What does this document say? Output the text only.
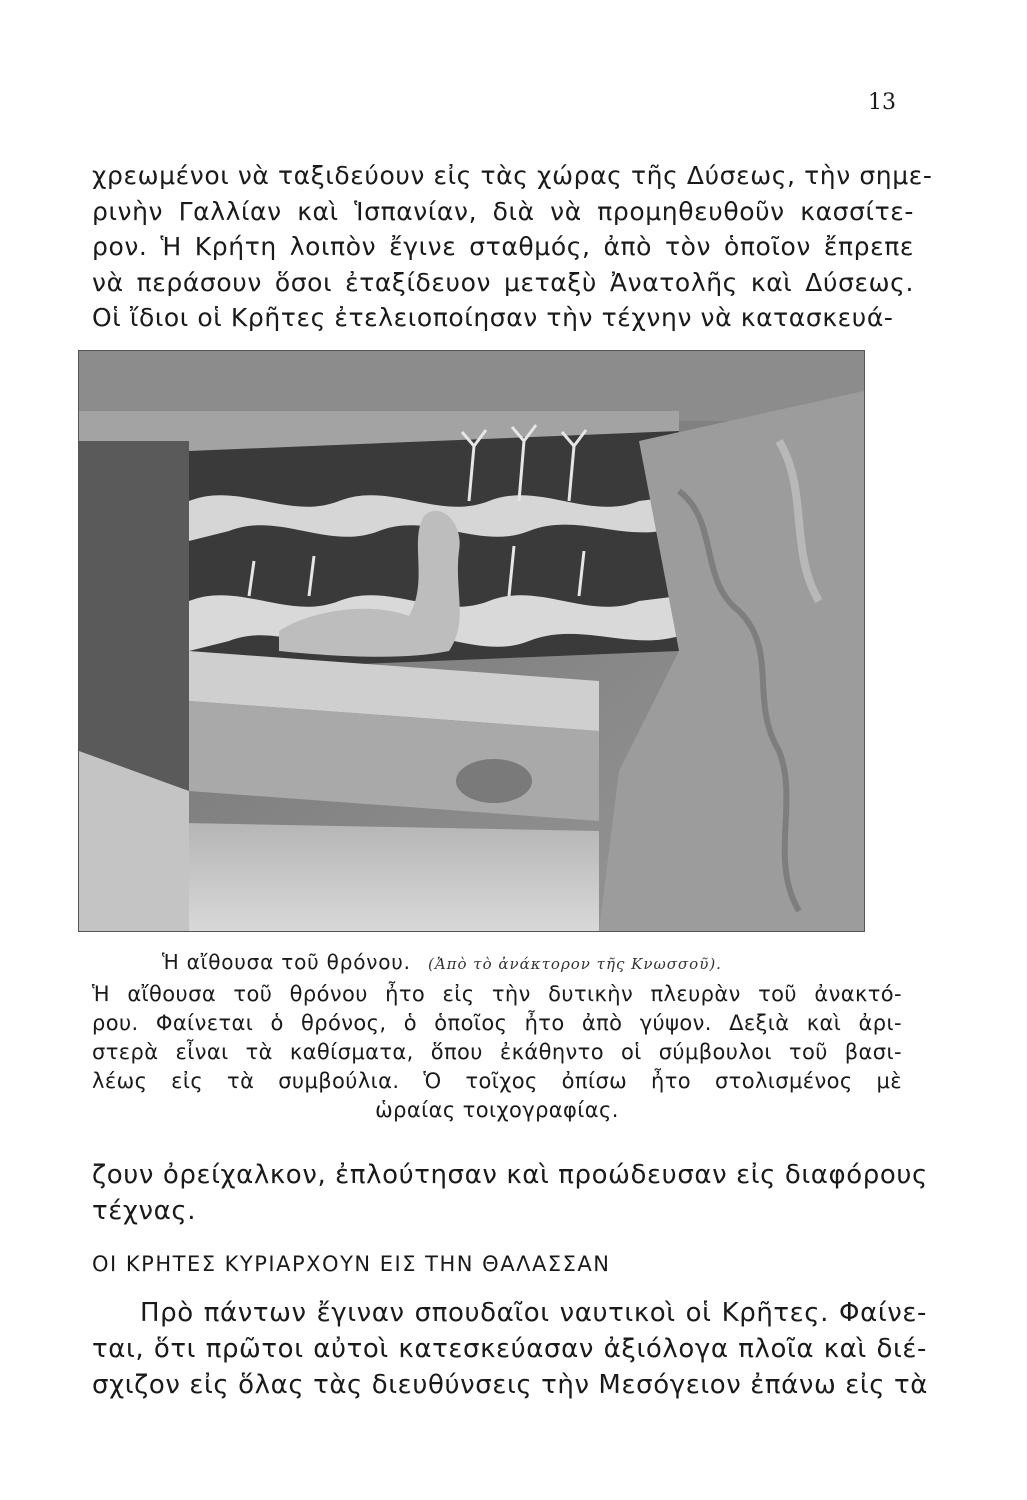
13

χρεωμένοι νὰ ταξιδεύουν εἰς τὰς χώρας τῆς Δύσεως, τὴν σημε-
ρινὴν Γαλλίαν καὶ Ἱσπανίαν, διὰ νὰ προμηθευθοῦν κασσίτε-
ρον. Ἡ Κρήτη λοιπὸν ἔγινε σταθμός, ἀπὸ τὸν ὁποῖον ἔπρεπε
νὰ περάσουν ὅσοι ἐταξίδευον μεταξὺ Ἀνατολῆς καὶ Δύσεως.
Οἱ ἴδιοι οἱ Κρῆτες ἐτελειοποίησαν τὴν τέχνην νὰ κατασκευά-

Ἡ αἴθουσα τοῦ θρόνου. (Ἀπὸ τὸ ἀνάκτορον τῆς Κνωσσοῦ).

Ἡ αἴθουσα τοῦ θρόνου ἦτο εἰς τὴν δυτικὴν πλευρὰν τοῦ ἀνακτό-
ρου. Φαίνεται ὁ θρόνος, ὁ ὁποῖος ἦτο ἀπὸ γύψον. Δεξιὰ καὶ ἀρι-
στερὰ εἶναι τὰ καθίσματα, ὅπου ἐκάθηντο οἱ σύμβουλοι τοῦ βασι-
λέως εἰς τὰ συμβούλια. Ὁ τοῖχος ὀπίσω ἦτο στολισμένος μὲ
ὡραίας τοιχογραφίας.

ζουν ὀρείχαλκον, ἐπλούτησαν καὶ προώδευσαν εἰς διαφόρους
τέχνας.

ΟΙ ΚΡΗΤΕΣ ΚΥΡΙΑΡΧΟΥΝ ΕΙΣ ΤΗΝ ΘΑΛΑΣΣΑΝ

Πρὸ πάντων ἔγιναν σπουδαῖοι ναυτικοὶ οἱ Κρῆτες. Φαίνε-
ται, ὅτι πρῶτοι αὐτοὶ κατεσκεύασαν ἀξιόλογα πλοῖα καὶ διέ-
σχιζον εἰς ὅλας τὰς διευθύνσεις τὴν Μεσόγειον ἐπάνω εἰς τὰ
